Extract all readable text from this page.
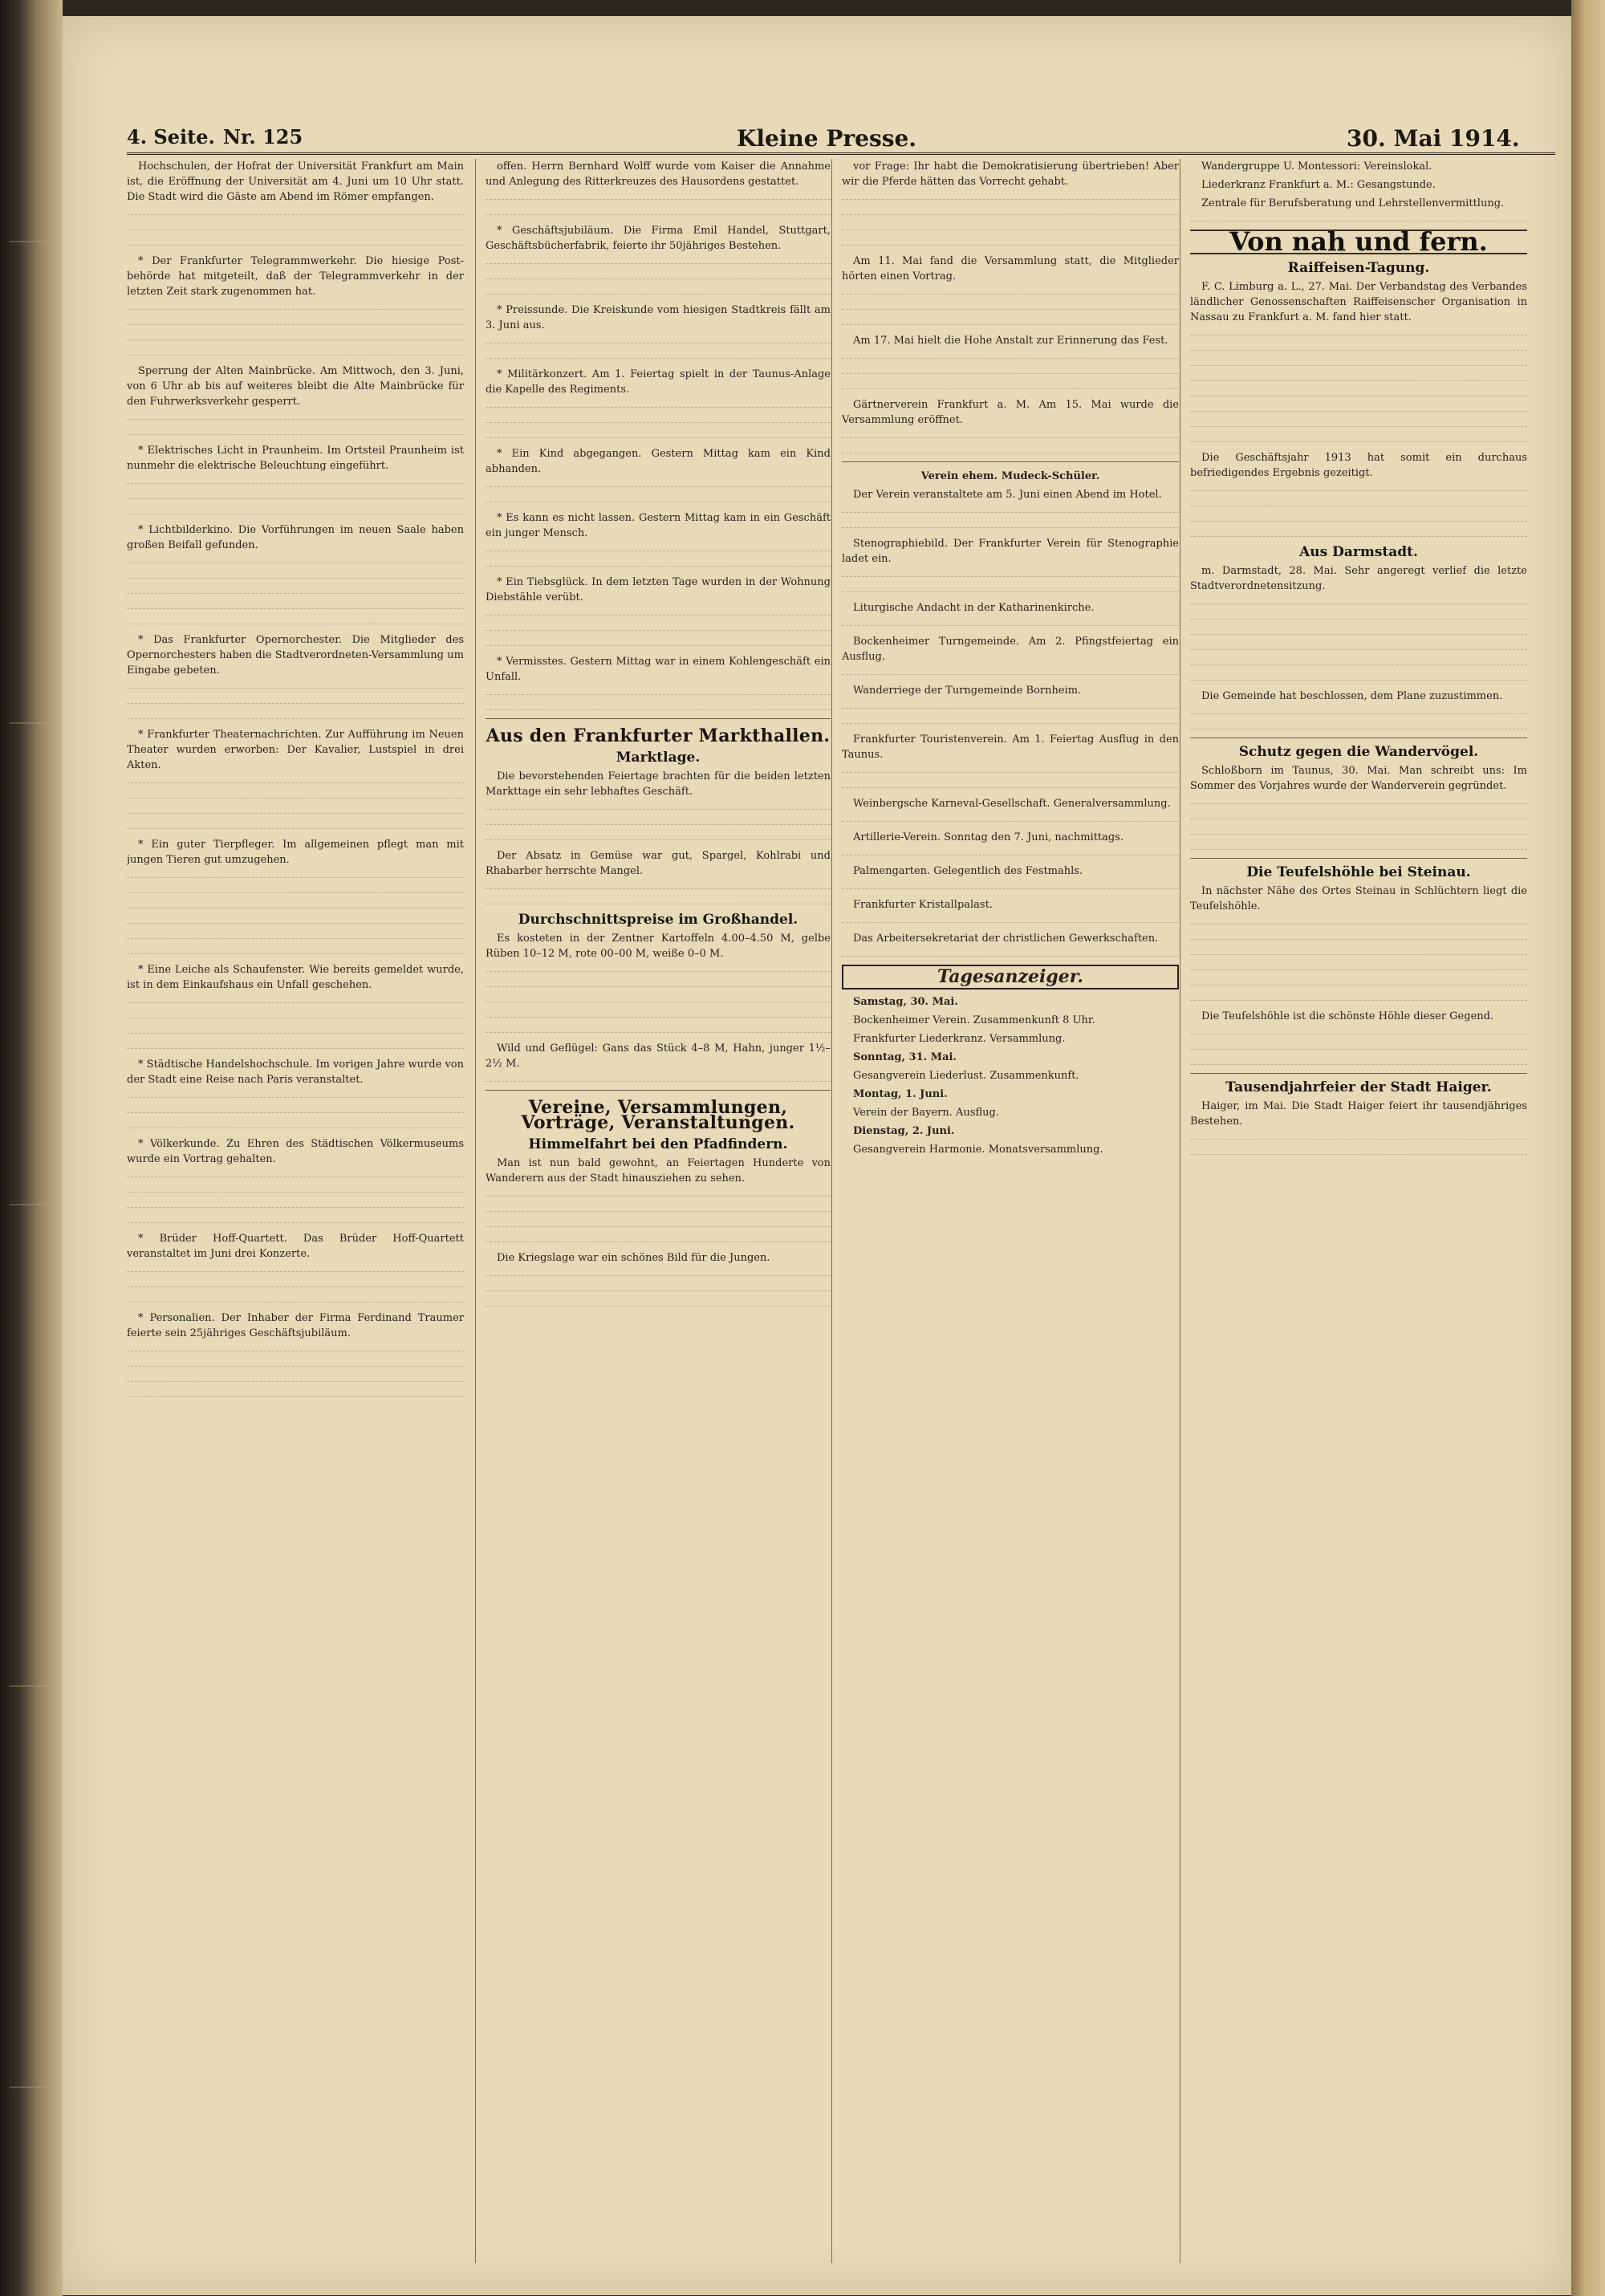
4. Seite. Nr. 125	Kleine Presse.	30. Mai 1914.

Hochschulen, der Hofrat der Universität Frankfurt am Main ist, die Eröffnung der Universität am 4. Juni um 10 Uhr statt. Die Stadt wird die Gäste am Abend im Römer empfangen.

* Der Frankfurter Telegrammwerkehr. Die hiesige Post-behörde hat mitgeteilt, daß der Telegrammverkehr in der letzten Zeit stark zugenommen hat.

Sperrung der Alten Mainbrücke. Am Mittwoch, den 3. Juni, von 6 Uhr ab bis auf weiteres bleibt die Alte Mainbrücke für den Fuhrwerksverkehr gesperrt.

* Elektrisches Licht in Praunheim. Im Ortsteil Praunheim ist nunmehr die elektrische Beleuchtung eingeführt.

* Lichtbilderkino. Die Vorführungen im neuen Saale haben großen Beifall gefunden.

* Das Frankfurter Opernorchester. Die Mitglieder des Opernorchesters haben die Stadtverordneten-Versammlung um Eingabe gebeten.

* Frankfurter Theaternachrichten. Zur Aufführung im Neuen Theater wurden erworben: Der Kavalier, Lustspiel in drei Akten.

* Ein guter Tierpfleger. Im allgemeinen pflegt man mit jungen Tieren gut umzugehen.

* Eine Leiche als Schaufenster. Wie bereits gemeldet wurde, ist in dem Einkaufshaus ein Unfall geschehen.

* Städtische Handelshochschule. Im vorigen Jahre wurde von der Stadt eine Reise nach Paris veranstaltet.

* Völkerkunde. Zu Ehren des Städtischen Völkermuseums wurde ein Vortrag gehalten.

* Brüder Hoff-Quartett. Das Brüder Hoff-Quartett veranstaltet im Juni drei Konzerte.

* Personalien. Der Inhaber der Firma Ferdinand Traumer feierte sein 25jähriges Geschäftsjubiläum.

offen. Herrn Bernhard Wolff wurde vom Kaiser die Annahme und Anlegung des Ritterkreuzes des Hausordens gestattet.

* Geschäftsjubiläum. Die Firma Emil Handel, Stuttgart, Geschäftsbücherfabrik, feierte ihr 50jähriges Bestehen.

* Preissunde. Die Kreiskunde vom hiesigen Stadtkreis fällt am 3. Juni aus.

* Militärkonzert. Am 1. Feiertag spielt in der Taunus-Anlage die Kapelle des Regiments.

* Ein Kind abgegangen. Gestern Mittag kam ein Kind abhanden.

* Es kann es nicht lassen. Gestern Mittag kam in ein Geschäft ein junger Mensch.

* Ein Tiebsglück. In dem letzten Tage wurden in der Wohnung Diebstähle verübt.

* Vermisstes. Gestern Mittag war in einem Kohlengeschäft ein Unfall.

Aus den Frankfurter Markthallen.
Marktlage.

Die bevorstehenden Feiertage brachten für die beiden letzten Markttage ein sehr lebhaftes Geschäft.

Der Absatz in Gemüse war gut, Spargel, Kohlrabi und Rhabarber herrschte Mangel.

Durchschnittspreise im Großhandel.

Es kosteten in der Zentner Kartoffeln 4.00–4.50 M, gelbe Rüben 10–12 M, rote 00–00 M, weiße 0–0 M.

Wild und Geflügel: Gans das Stück 4–8 M, Hahn, junger 1½–2½ M.

Vereine, Versammlungen, Vorträge, Veranstaltungen.
Himmelfahrt bei den Pfadfindern.

Man ist nun bald gewohnt, an Feiertagen Hunderte von Wanderern aus der Stadt hinausziehen zu sehen.

Die Kriegslage war ein schönes Bild für die Jungen.

vor Frage: Ihr habt die Demokratisierung übertrieben! Aber wir die Pferde hätten das Vorrecht gehabt.

Am 11. Mai fand die Versammlung statt, die Mitglieder hörten einen Vortrag.

Am 17. Mai hielt die Hohe Anstalt zur Erinnerung das Fest.

Gärtnerverein Frankfurt a. M. Am 15. Mai wurde die Versammlung eröffnet.

Verein ehem. Mudeck-Schüler.

Der Verein veranstaltete am 5. Juni einen Abend im Hotel.

Stenographiebild. Der Frankfurter Verein für Stenographie ladet ein.

Liturgische Andacht in der Katharinenkirche.

Bockenheimer Turngemeinde. Am 2. Pfingstfeiertag ein Ausflug.

Wanderriege der Turngemeinde Bornheim.

Frankfurter Touristenverein. Am 1. Feiertag Ausflug in den Taunus.

Weinbergsche Karneval-Gesellschaft. Generalversammlung.

Artillerie-Verein. Sonntag den 7. Juni, nachmittags.

Palmengarten. Gelegentlich des Festmahls.

Frankfurter Kristallpalast.

Das Arbeitersekretariat der christlichen Gewerkschaften.

Tagesanzeiger.

Samstag, 30. Mai.

Bockenheimer Verein. Zusammenkunft 8 Uhr.

Frankfurter Liederkranz. Versammlung.

Sonntag, 31. Mai.

Gesangverein Liederlust. Zusammenkunft.

Montag, 1. Juni.

Verein der Bayern. Ausflug.

Dienstag, 2. Juni.

Gesangverein Harmonie. Monatsversammlung.

Wandergruppe U. Montessori: Vereinslokal.

Liederkranz Frankfurt a. M.: Gesangstunde.

Zentrale für Berufsberatung und Lehrstellenvermittlung.

Von nah und fern.
Raiffeisen-Tagung.

F. C. Limburg a. L., 27. Mai. Der Verbandstag des Verbandes ländlicher Genossenschaften Raiffeisenscher Organisation in Nassau zu Frankfurt a. M. fand hier statt.

Die Geschäftsjahr 1913 hat somit ein durchaus befriedigendes Ergebnis gezeitigt.

Aus Darmstadt.

m. Darmstadt, 28. Mai. Sehr angeregt verlief die letzte Stadtverordnetensitzung.

Die Gemeinde hat beschlossen, dem Plane zuzustimmen.

Schutz gegen die Wandervögel.

Schloßborn im Taunus, 30. Mai. Man schreibt uns: Im Sommer des Vorjahres wurde der Wanderverein gegründet.

Die Teufelshöhle bei Steinau.

In nächster Nähe des Ortes Steinau in Schlüchtern liegt die Teufelshöhle.

Die Teufelshöhle ist die schönste Höhle dieser Gegend.

Tausendjahrfeier der Stadt Haiger.

Haiger, im Mai. Die Stadt Haiger feiert ihr tausendjähriges Bestehen.
